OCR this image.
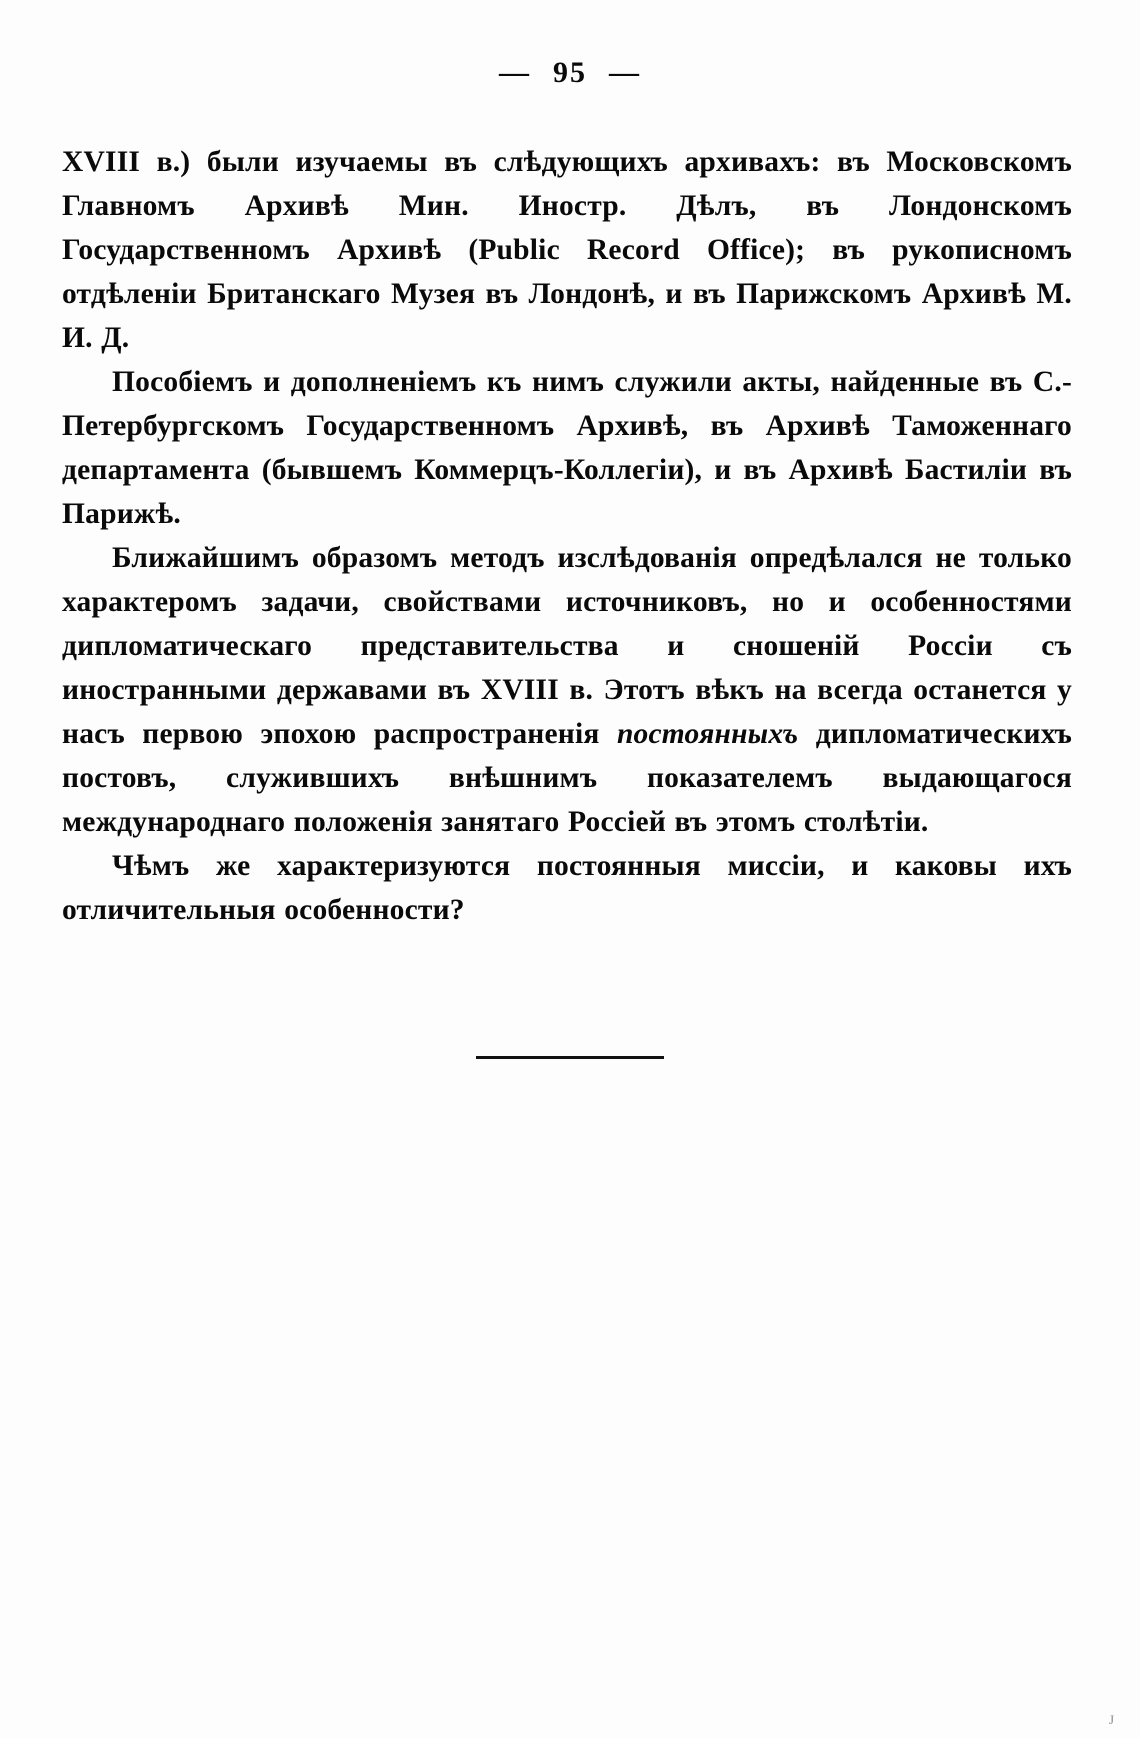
— 95 —

XVIII в.) были изучаемы въ слѣдующихъ архивахъ: въ Московскомъ Главномъ Архивѣ Мин. Иностр. Дѣлъ, въ Лондонскомъ Государственномъ Архивѣ (Public Record Office); въ рукописномъ отдѣленіи Британскаго Музея въ Лондонѣ, и въ Парижскомъ Архивѣ М. И. Д.

Пособіемъ и дополненіемъ къ нимъ служили акты, найденные въ С.-Петербургскомъ Государственномъ Архивѣ, въ Архивѣ Таможеннаго департамента (бывшемъ Коммерцъ-Коллегіи), и въ Архивѣ Бастиліи въ Парижѣ.

Ближайшимъ образомъ методъ изслѣдованія опредѣлался не только характеромъ задачи, свойствами источниковъ, но и особенностями дипломатическаго представительства и сношеній Россіи съ иностранными державами въ XVIII в. Этотъ вѣкъ на всегда останется у насъ первою эпохою распространенія постоянныхъ дипломатическихъ постовъ, служившихъ внѣшнимъ показателемъ выдающагося международнаго положенія занятаго Россіей въ этомъ столѣтіи.

Чѣмъ же характеризуются постоянныя миссіи, и каковы ихъ отличительныя особенности?

J
